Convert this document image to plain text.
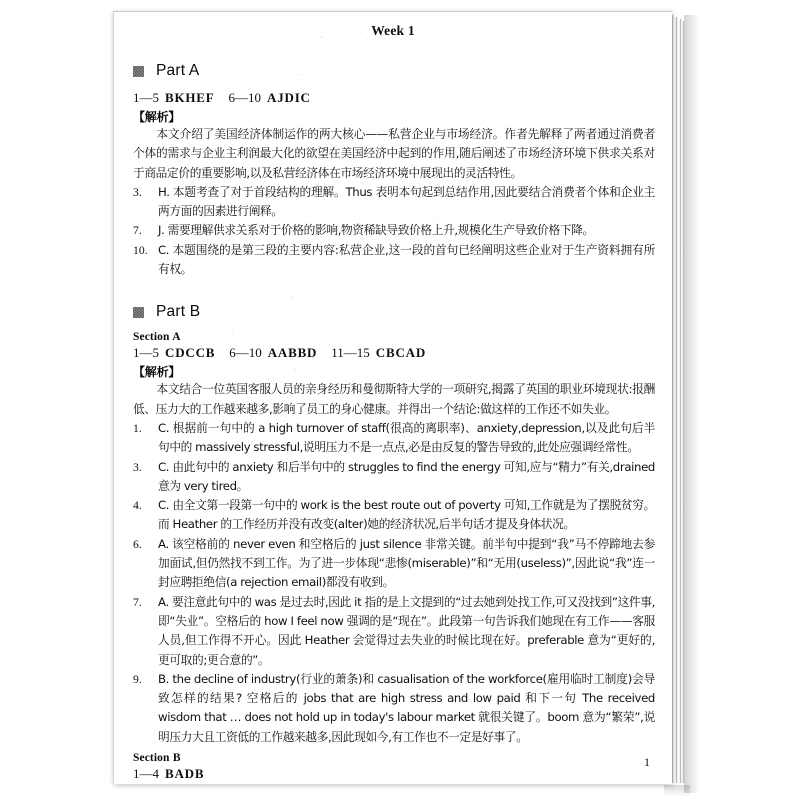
Week 1
Part A

1—5 BKHEF 6—10 AJDIC

【解析】

本文介绍了美国经济体制运作的两大核心——私营企业与市场经济。作者先解释了两者通过消费者个体的需求与企业主利润最大化的欲望在美国经济中起到的作用,随后阐述了市场经济环境下供求关系对于商品定价的重要影响,以及私营经济体在市场经济环境中展现出的灵活特性。

3. H. 本题考查了对于首段结构的理解。Thus 表明本句起到总结作用,因此要结合消费者个体和企业主两方面的因素进行阐释。

7. J. 需要理解供求关系对于价格的影响,物资稀缺导致价格上升,规模化生产导致价格下降。

10. C. 本题围绕的是第三段的主要内容:私营企业,这一段的首句已经阐明这些企业对于生产资料拥有所有权。

Part B

Section A

1—5 CDCCB 6—10 AABBD 11—15 CBCAD

【解析】

本文结合一位英国客服人员的亲身经历和曼彻斯特大学的一项研究,揭露了英国的职业环境现状:报酬低、压力大的工作越来越多,影响了员工的身心健康。并得出一个结论:做这样的工作还不如失业。

1. C. 根据前一句中的 a high turnover of staff(很高的离职率)、anxiety,depression,以及此句后半句中的 massively stressful,说明压力不是一点点,必是由反复的警告导致的,此处应强调经常性。

3. C. 由此句中的 anxiety 和后半句中的 struggles to find the energy 可知,应与“精力”有关,drained 意为 very tired。

4. C. 由全文第一段第一句中的 work is the best route out of poverty 可知,工作就是为了摆脱贫穷。而 Heather 的工作经历并没有改变(alter)她的经济状况,后半句话才提及身体状况。

6. A. 该空格前的 never even 和空格后的 just silence 非常关键。前半句中提到“我”马不停蹄地去参加面试,但仍然找不到工作。为了进一步体现“悲惨(miserable)”和“无用(useless)”,因此说“我”连一封应聘拒绝信(a rejection email)都没有收到。

7. A. 要注意此句中的 was 是过去时,因此 it 指的是上文提到的“过去她到处找工作,可又没找到”这件事,即“失业”。空格后的 how I feel now 强调的是“现在”。此段第一句告诉我们她现在有工作——客服人员,但工作得不开心。因此 Heather 会觉得过去失业的时候比现在好。preferable 意为“更好的,更可取的;更合意的”。

9. B. the decline of industry(行业的萧条)和 casualisation of the workforce(雇用临时工制度)会导致怎样的结果? 空格后的 jobs that are high stress and low paid 和下一句 The received wisdom that … does not hold up in today's labour market 就很关键了。boom 意为“繁荣”,说明压力大且工资低的工作越来越多,因此现如今,有工作也不一定是好事了。

Section B

1—4 BADB

1
